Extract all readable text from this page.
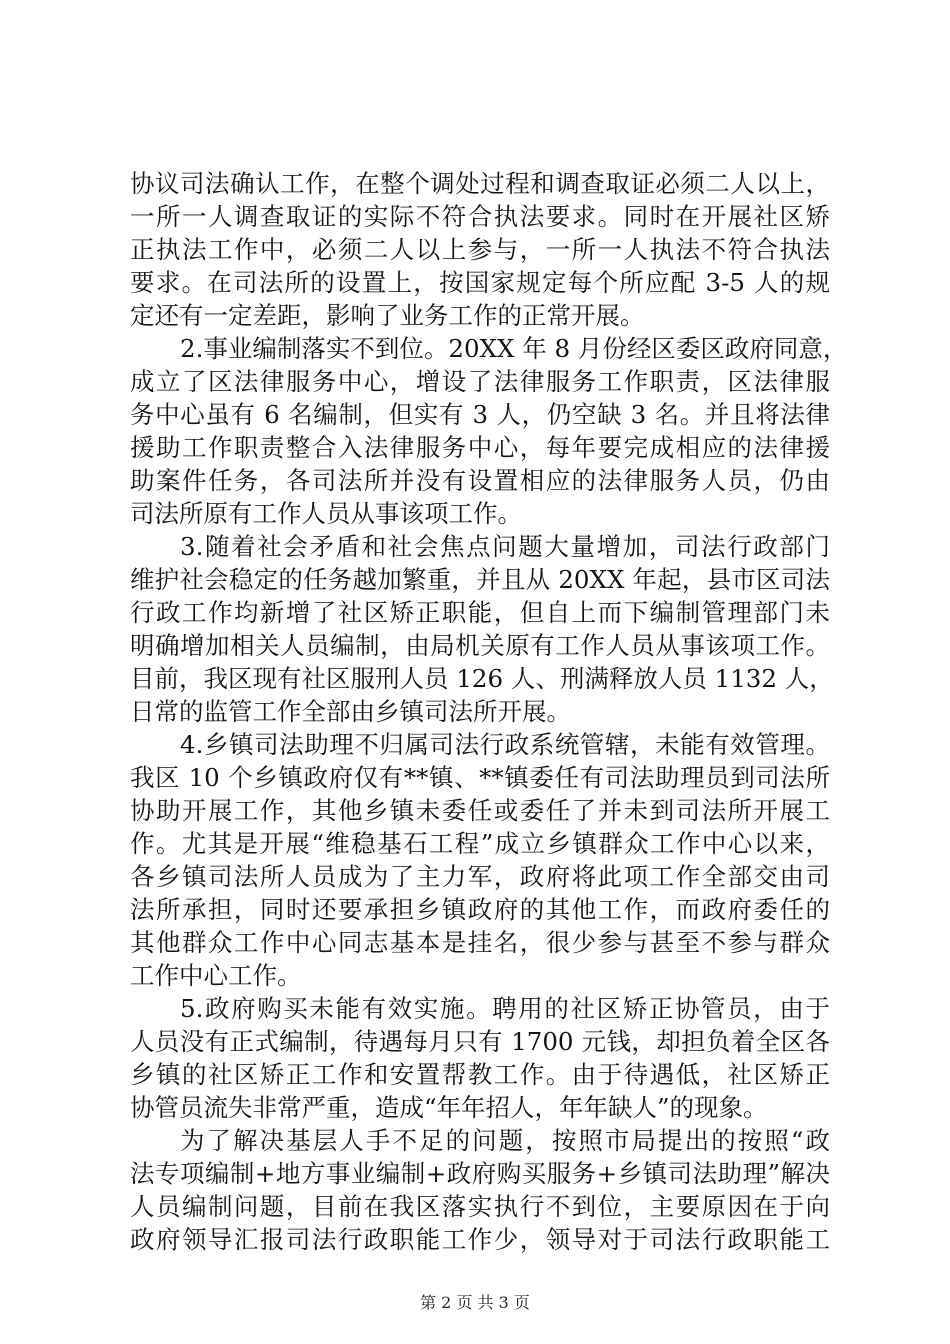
协议司法确认工作，在整个调处过程和调查取证必须二人以上，
一所一人调查取证的实际不符合执法要求。同时在开展社区矫
正执法工作中，必须二人以上参与，一所一人执法不符合执法
要求。在司法所的设置上，按国家规定每个所应配 3-5 人的规
定还有一定差距，影响了业务工作的正常开展。
2.事业编制落实不到位。20XX 年 8 月份经区委区政府同意，
成立了区法律服务中心，增设了法律服务工作职责，区法律服
务中心虽有 6 名编制，但实有 3 人，仍空缺 3 名。并且将法律
援助工作职责整合入法律服务中心，每年要完成相应的法律援
助案件任务，各司法所并没有设置相应的法律服务人员，仍由
司法所原有工作人员从事该项工作。
3.随着社会矛盾和社会焦点问题大量增加，司法行政部门
维护社会稳定的任务越加繁重，并且从 20XX 年起，县市区司法
行政工作均新增了社区矫正职能，但自上而下编制管理部门未
明确增加相关人员编制，由局机关原有工作人员从事该项工作。
目前，我区现有社区服刑人员 126 人、刑满释放人员 1132 人，
日常的监管工作全部由乡镇司法所开展。
4.乡镇司法助理不归属司法行政系统管辖，未能有效管理。
我区 10 个乡镇政府仅有**镇、**镇委任有司法助理员到司法所
协助开展工作，其他乡镇未委任或委任了并未到司法所开展工
作。尤其是开展“维稳基石工程”成立乡镇群众工作中心以来，
各乡镇司法所人员成为了主力军，政府将此项工作全部交由司
法所承担，同时还要承担乡镇政府的其他工作，而政府委任的
其他群众工作中心同志基本是挂名，很少参与甚至不参与群众
工作中心工作。
5.政府购买未能有效实施。聘用的社区矫正协管员，由于
人员没有正式编制，待遇每月只有 1700 元钱，却担负着全区各
乡镇的社区矫正工作和安置帮教工作。由于待遇低，社区矫正
协管员流失非常严重，造成“年年招人，年年缺人”的现象。
为了解决基层人手不足的问题，按照市局提出的按照“政
法专项编制+地方事业编制+政府购买服务+乡镇司法助理”解决
人员编制问题，目前在我区落实执行不到位，主要原因在于向
政府领导汇报司法行政职能工作少，领导对于司法行政职能工
第 2 页 共 3 页
